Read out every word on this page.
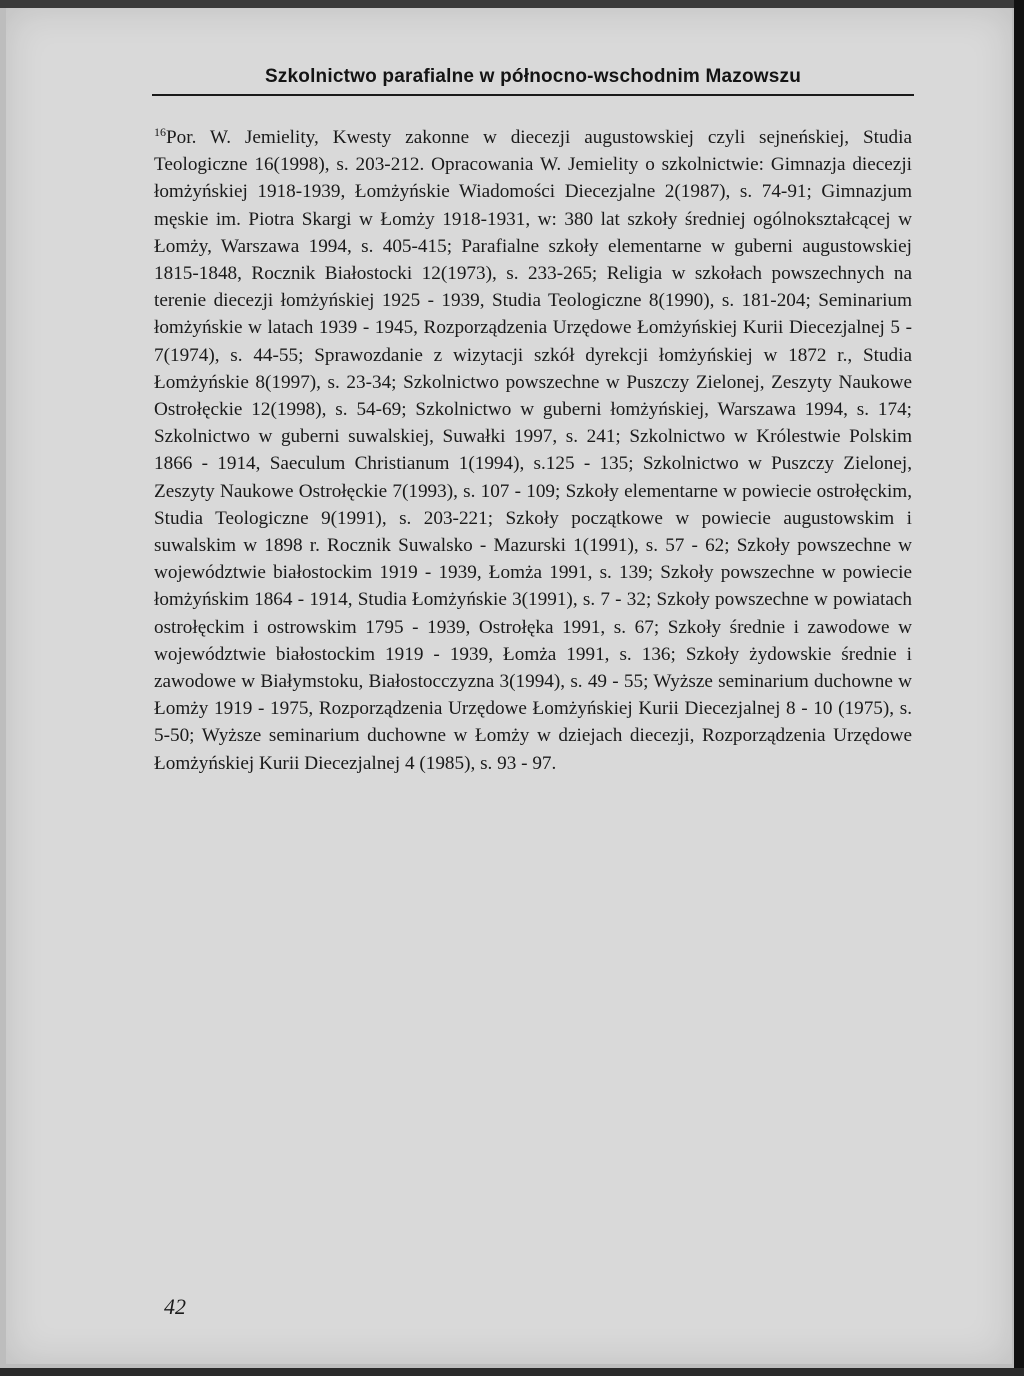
Szkolnictwo parafialne w północno-wschodnim Mazowszu
$^{16}$Por. W. Jemielity, Kwesty zakonne w diecezji augustowskiej czyli sejneńskiej, Studia Teologiczne 16(1998), s. 203-212. Opracowania W. Jemielity o szkolnictwie: Gimnazja diecezji łomżyńskiej 1918-1939, Łomżyńskie Wiadomości Diecezjalne 2(1987), s. 74-91; Gimnazjum męskie im. Piotra Skargi w Łomży 1918-1931, w: 380 lat szkoły średniej ogólnokształcącej w Łomży, Warszawa 1994, s. 405-415; Parafialne szkoły elementarne w guberni augustowskiej 1815-1848, Rocznik Białostocki 12(1973), s. 233-265; Religia w szkołach powszechnych na terenie diecezji łomżyńskiej 1925 - 1939, Studia Teologiczne 8(1990), s. 181-204; Seminarium łomżyńskie w latach 1939 - 1945, Rozporządzenia Urzędowe Łomżyńskiej Kurii Diecezjalnej 5 - 7(1974), s. 44-55; Sprawozdanie z wizytacji szkół dyrekcji łomżyńskiej w 1872 r., Studia Łomżyńskie 8(1997), s. 23-34; Szkolnictwo powszechne w Puszczy Zielonej, Zeszyty Naukowe Ostrołęckie 12(1998), s. 54-69; Szkolnictwo w guberni łomżyńskiej, Warszawa 1994, s. 174; Szkolnictwo w guberni suwalskiej, Suwałki 1997, s. 241; Szkolnictwo w Królestwie Polskim 1866 - 1914, Saeculum Christianum 1(1994), s.125 - 135; Szkolnictwo w Puszczy Zielonej, Zeszyty Naukowe Ostrołęckie 7(1993), s. 107 - 109; Szkoły elementarne w powiecie ostrołęckim, Studia Teologiczne 9(1991), s. 203-221; Szkoły początkowe w powiecie augustowskim i suwalskim w 1898 r. Rocznik Suwalsko - Mazurski 1(1991), s. 57 - 62; Szkoły powszechne w województwie białostockim 1919 - 1939, Łomża 1991, s. 139; Szkoły powszechne w powiecie łomżyńskim 1864 - 1914, Studia Łomżyńskie 3(1991), s. 7 - 32; Szkoły powszechne w powiatach ostrołęckim i ostrowskim 1795 - 1939, Ostrołęka 1991, s. 67; Szkoły średnie i zawodowe w województwie białostockim 1919 - 1939, Łomża 1991, s. 136; Szkoły żydowskie średnie i zawodowe w Białymstoku, Białostocczyzna 3(1994), s. 49 - 55; Wyższe seminarium duchowne w Łomży 1919 - 1975, Rozporządzenia Urzędowe Łomżyńskiej Kurii Diecezjalnej 8 - 10 (1975), s. 5-50; Wyższe seminarium duchowne w Łomży w dziejach diecezji, Rozporządzenia Urzędowe Łomżyńskiej Kurii Diecezjalnej 4 (1985), s. 93 - 97.
42
